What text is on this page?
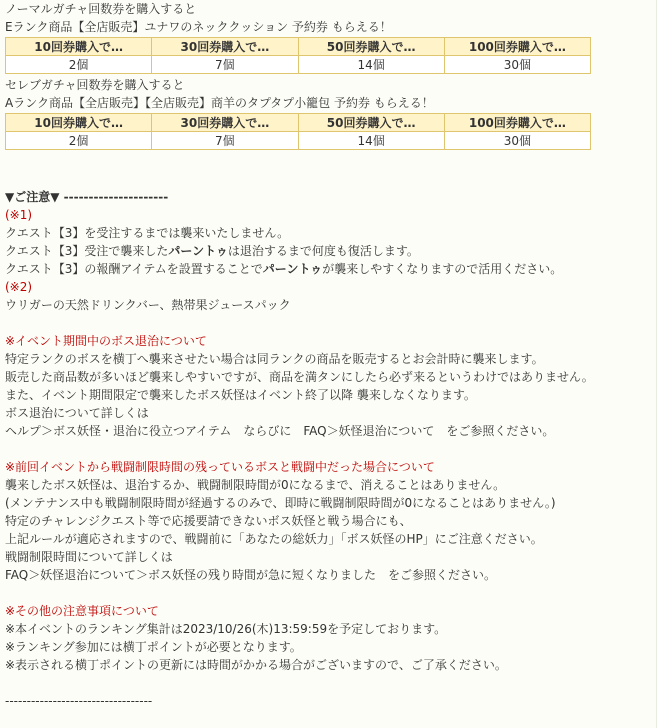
ノーマルガチャ回数券を購入すると
Eランク商品【全店販売】ユナワのネッククッション 予約券 もらえる！
10回券購入で…	30回券購入で…	50回券購入で…	100回券購入で…
2個	7個	14個	30個
セレブガチャ回数券を購入すると
Aランク商品【全店販売】【全店販売】商羊のタプタプ小籠包 予約券 もらえる！
10回券購入で…	30回券購入で…	50回券購入で…	100回券購入で…
2個	7個	14個	30個
▼ご注意▼ ---------------------
(※1)
クエスト【3】を受注するまでは襲来いたしません。
クエスト【3】受注で襲来したパーントゥは退治するまで何度も復活します。
クエスト【3】の報酬アイテムを設置することでパーントゥが襲来しやすくなりますので活用ください。
(※2)
ウリガーの天然ドリンクバー、熱帯果ジュースパック
※イベント期間中のボス退治について
特定ランクのボスを横丁へ襲来させたい場合は同ランクの商品を販売するとお会計時に襲来します。
販売した商品数が多いほど襲来しやすいですが、商品を満タンにしたら必ず来るというわけではありません。
また、イベント期間限定で襲来したボス妖怪はイベント終了以降 襲来しなくなります。
ボス退治について詳しくは
ヘルプ＞ボス妖怪・退治に役立つアイテム　ならびに　FAQ＞妖怪退治について　をご参照ください。
※前回イベントから戦闘制限時間の残っているボスと戦闘中だった場合について
襲来したボス妖怪は、退治するか、戦闘制限時間が0になるまで、消えることはありません。
(メンテナンス中も戦闘制限時間が経過するのみで、即時に戦闘制限時間が0になることはありません。)
特定のチャレンジクエスト等で応援要請できないボス妖怪と戦う場合にも、
上記ルールが適応されますので、戦闘前に「あなたの総妖力」「ボス妖怪のHP」にご注意ください。
戦闘制限時間について詳しくは
FAQ＞妖怪退治について＞ボス妖怪の残り時間が急に短くなりました　をご参照ください。
※その他の注意事項について
※本イベントのランキング集計は2023/10/26(木)13:59:59を予定しております。
※ランキング参加には横丁ポイントが必要となります。
※表示される横丁ポイントの更新には時間がかかる場合がございますので、ご了承ください。
----------------------------------
